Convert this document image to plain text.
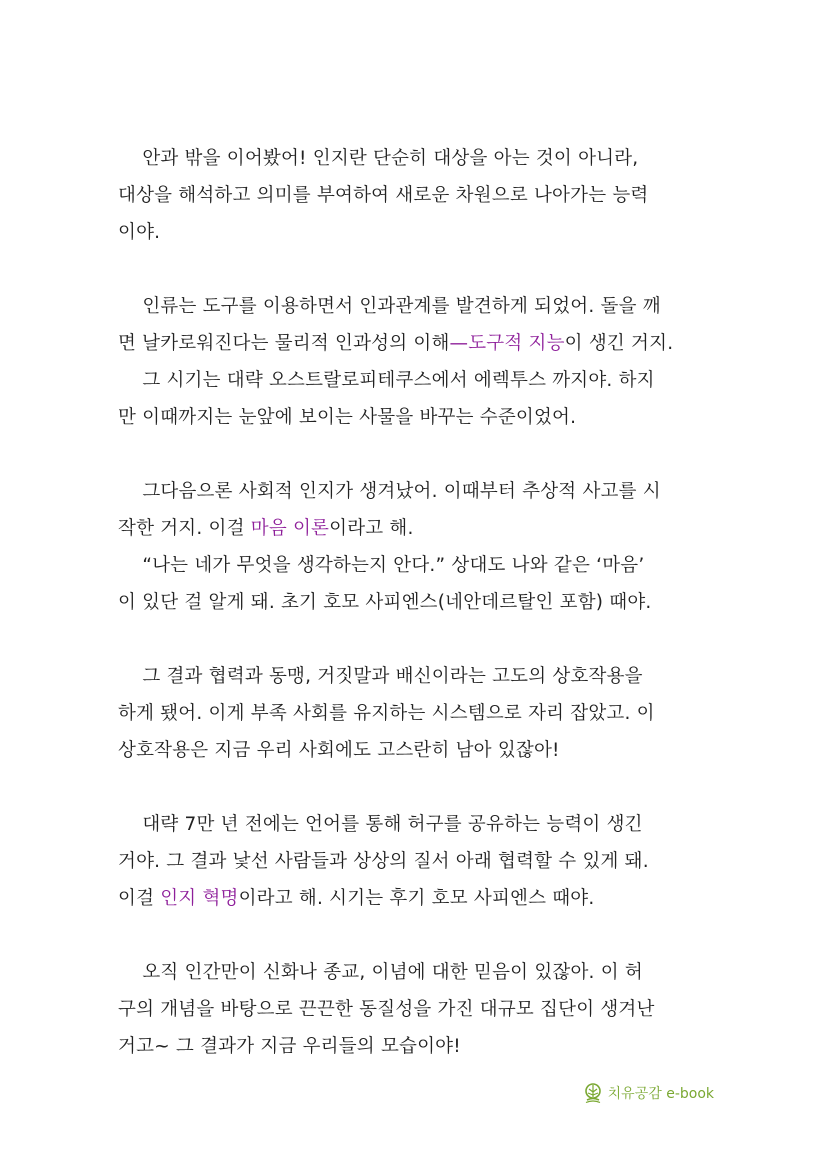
안과 밖을 이어봤어! 인지란 단순히 대상을 아는 것이 아니라,
대상을 해석하고 의미를 부여하여 새로운 차원으로 나아가는 능력
이야.
인류는 도구를 이용하면서 인과관계를 발견하게 되었어. 돌을 깨
면 날카로워진다는 물리적 인과성의 이해—도구적 지능이 생긴 거지.
그 시기는 대략 오스트랄로피테쿠스에서 에렉투스 까지야. 하지
만 이때까지는 눈앞에 보이는 사물을 바꾸는 수준이었어.
그다음으론 사회적 인지가 생겨났어. 이때부터 추상적 사고를 시
작한 거지. 이걸 마음 이론이라고 해.
“나는 네가 무엇을 생각하는지 안다.” 상대도 나와 같은 ‘마음’
이 있단 걸 알게 돼. 초기 호모 사피엔스(네안데르탈인 포함) 때야.
그 결과 협력과 동맹, 거짓말과 배신이라는 고도의 상호작용을
하게 됐어. 이게 부족 사회를 유지하는 시스템으로 자리 잡았고. 이
상호작용은 지금 우리 사회에도 고스란히 남아 있잖아!
대략 7만 년 전에는 언어를 통해 허구를 공유하는 능력이 생긴
거야. 그 결과 낯선 사람들과 상상의 질서 아래 협력할 수 있게 돼.
이걸 인지 혁명이라고 해. 시기는 후기 호모 사피엔스 때야.
오직 인간만이 신화나 종교, 이념에 대한 믿음이 있잖아. 이 허
구의 개념을 바탕으로 끈끈한 동질성을 가진 대규모 집단이 생겨난
거고~ 그 결과가 지금 우리들의 모습이야!
치유공감 e-book
